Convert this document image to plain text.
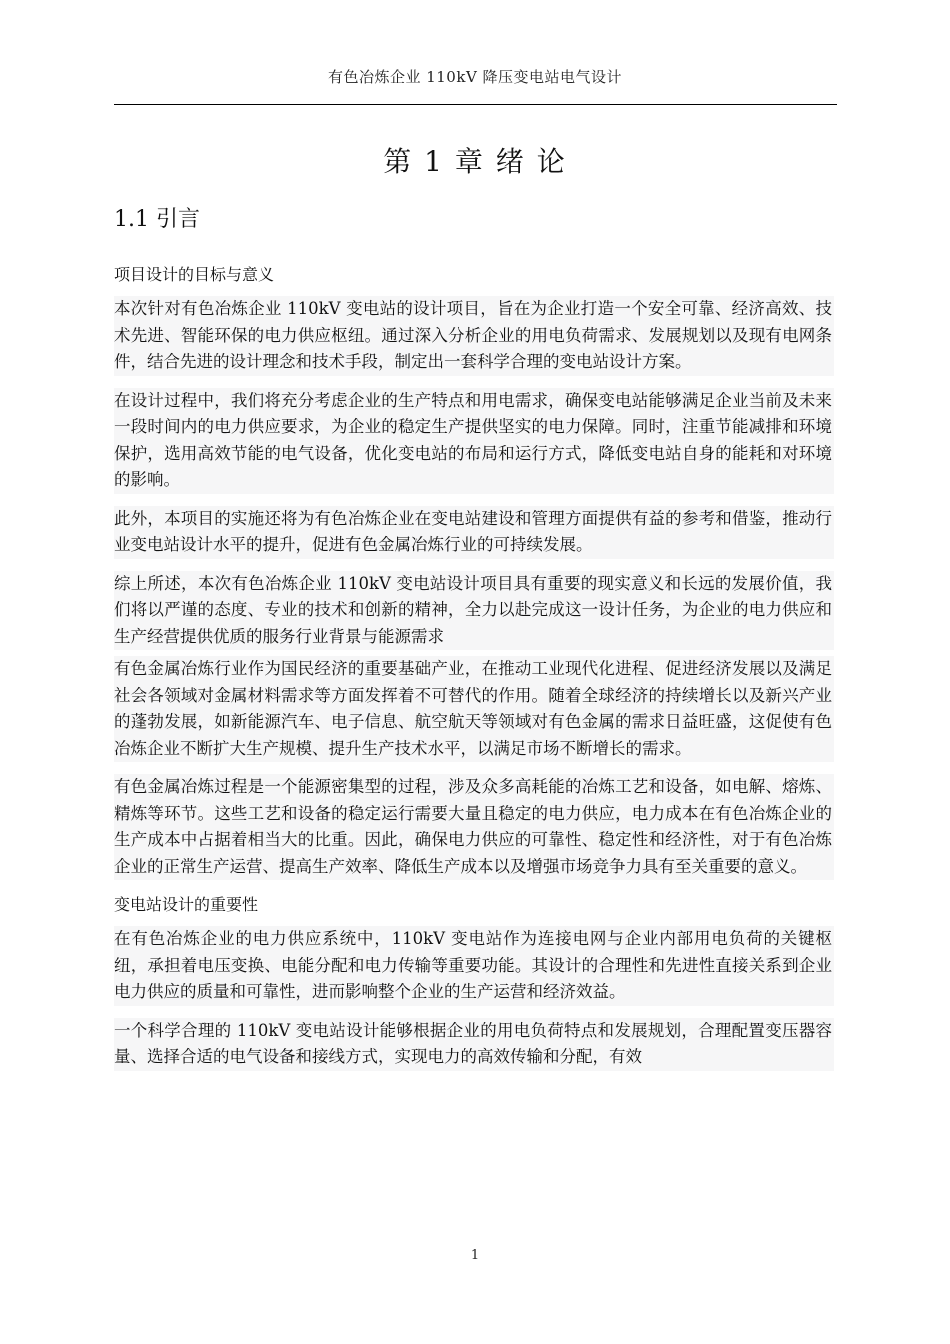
有色冶炼企业 110kV 降压变电站电气设计
第 1 章 绪 论
1.1 引言

项目设计的目标与意义

本次针对有色冶炼企业 110kV 变电站的设计项目，旨在为企业打造一个安全可靠、经济高效、技术先进、智能环保的电力供应枢纽。通过深入分析企业的用电负荷需求、发展规划以及现有电网条件，结合先进的设计理念和技术手段，制定出一套科学合理的变电站设计方案。

在设计过程中，我们将充分考虑企业的生产特点和用电需求，确保变电站能够满足企业当前及未来一段时间内的电力供应要求，为企业的稳定生产提供坚实的电力保障。同时，注重节能减排和环境保护，选用高效节能的电气设备，优化变电站的布局和运行方式，降低变电站自身的能耗和对环境的影响。

此外，本项目的实施还将为有色冶炼企业在变电站建设和管理方面提供有益的参考和借鉴，推动行业变电站设计水平的提升，促进有色金属冶炼行业的可持续发展。

综上所述，本次有色冶炼企业 110kV 变电站设计项目具有重要的现实意义和长远的发展价值，我们将以严谨的态度、专业的技术和创新的精神，全力以赴完成这一设计任务，为企业的电力供应和生产经营提供优质的服务行业背景与能源需求

有色金属冶炼行业作为国民经济的重要基础产业，在推动工业现代化进程、促进经济发展以及满足社会各领域对金属材料需求等方面发挥着不可替代的作用。随着全球经济的持续增长以及新兴产业的蓬勃发展，如新能源汽车、电子信息、航空航天等领域对有色金属的需求日益旺盛，这促使有色冶炼企业不断扩大生产规模、提升生产技术水平，以满足市场不断增长的需求。

有色金属冶炼过程是一个能源密集型的过程，涉及众多高耗能的冶炼工艺和设备，如电解、熔炼、精炼等环节。这些工艺和设备的稳定运行需要大量且稳定的电力供应，电力成本在有色冶炼企业的生产成本中占据着相当大的比重。因此，确保电力供应的可靠性、稳定性和经济性，对于有色冶炼企业的正常生产运营、提高生产效率、降低生产成本以及增强市场竞争力具有至关重要的意义。

变电站设计的重要性

在有色冶炼企业的电力供应系统中，110kV 变电站作为连接电网与企业内部用电负荷的关键枢纽，承担着电压变换、电能分配和电力传输等重要功能。其设计的合理性和先进性直接关系到企业电力供应的质量和可靠性，进而影响整个企业的生产运营和经济效益。

一个科学合理的 110kV 变电站设计能够根据企业的用电负荷特点和发展规划，合理配置变压器容量、选择合适的电气设备和接线方式，实现电力的高效传输和分配，有效

1
